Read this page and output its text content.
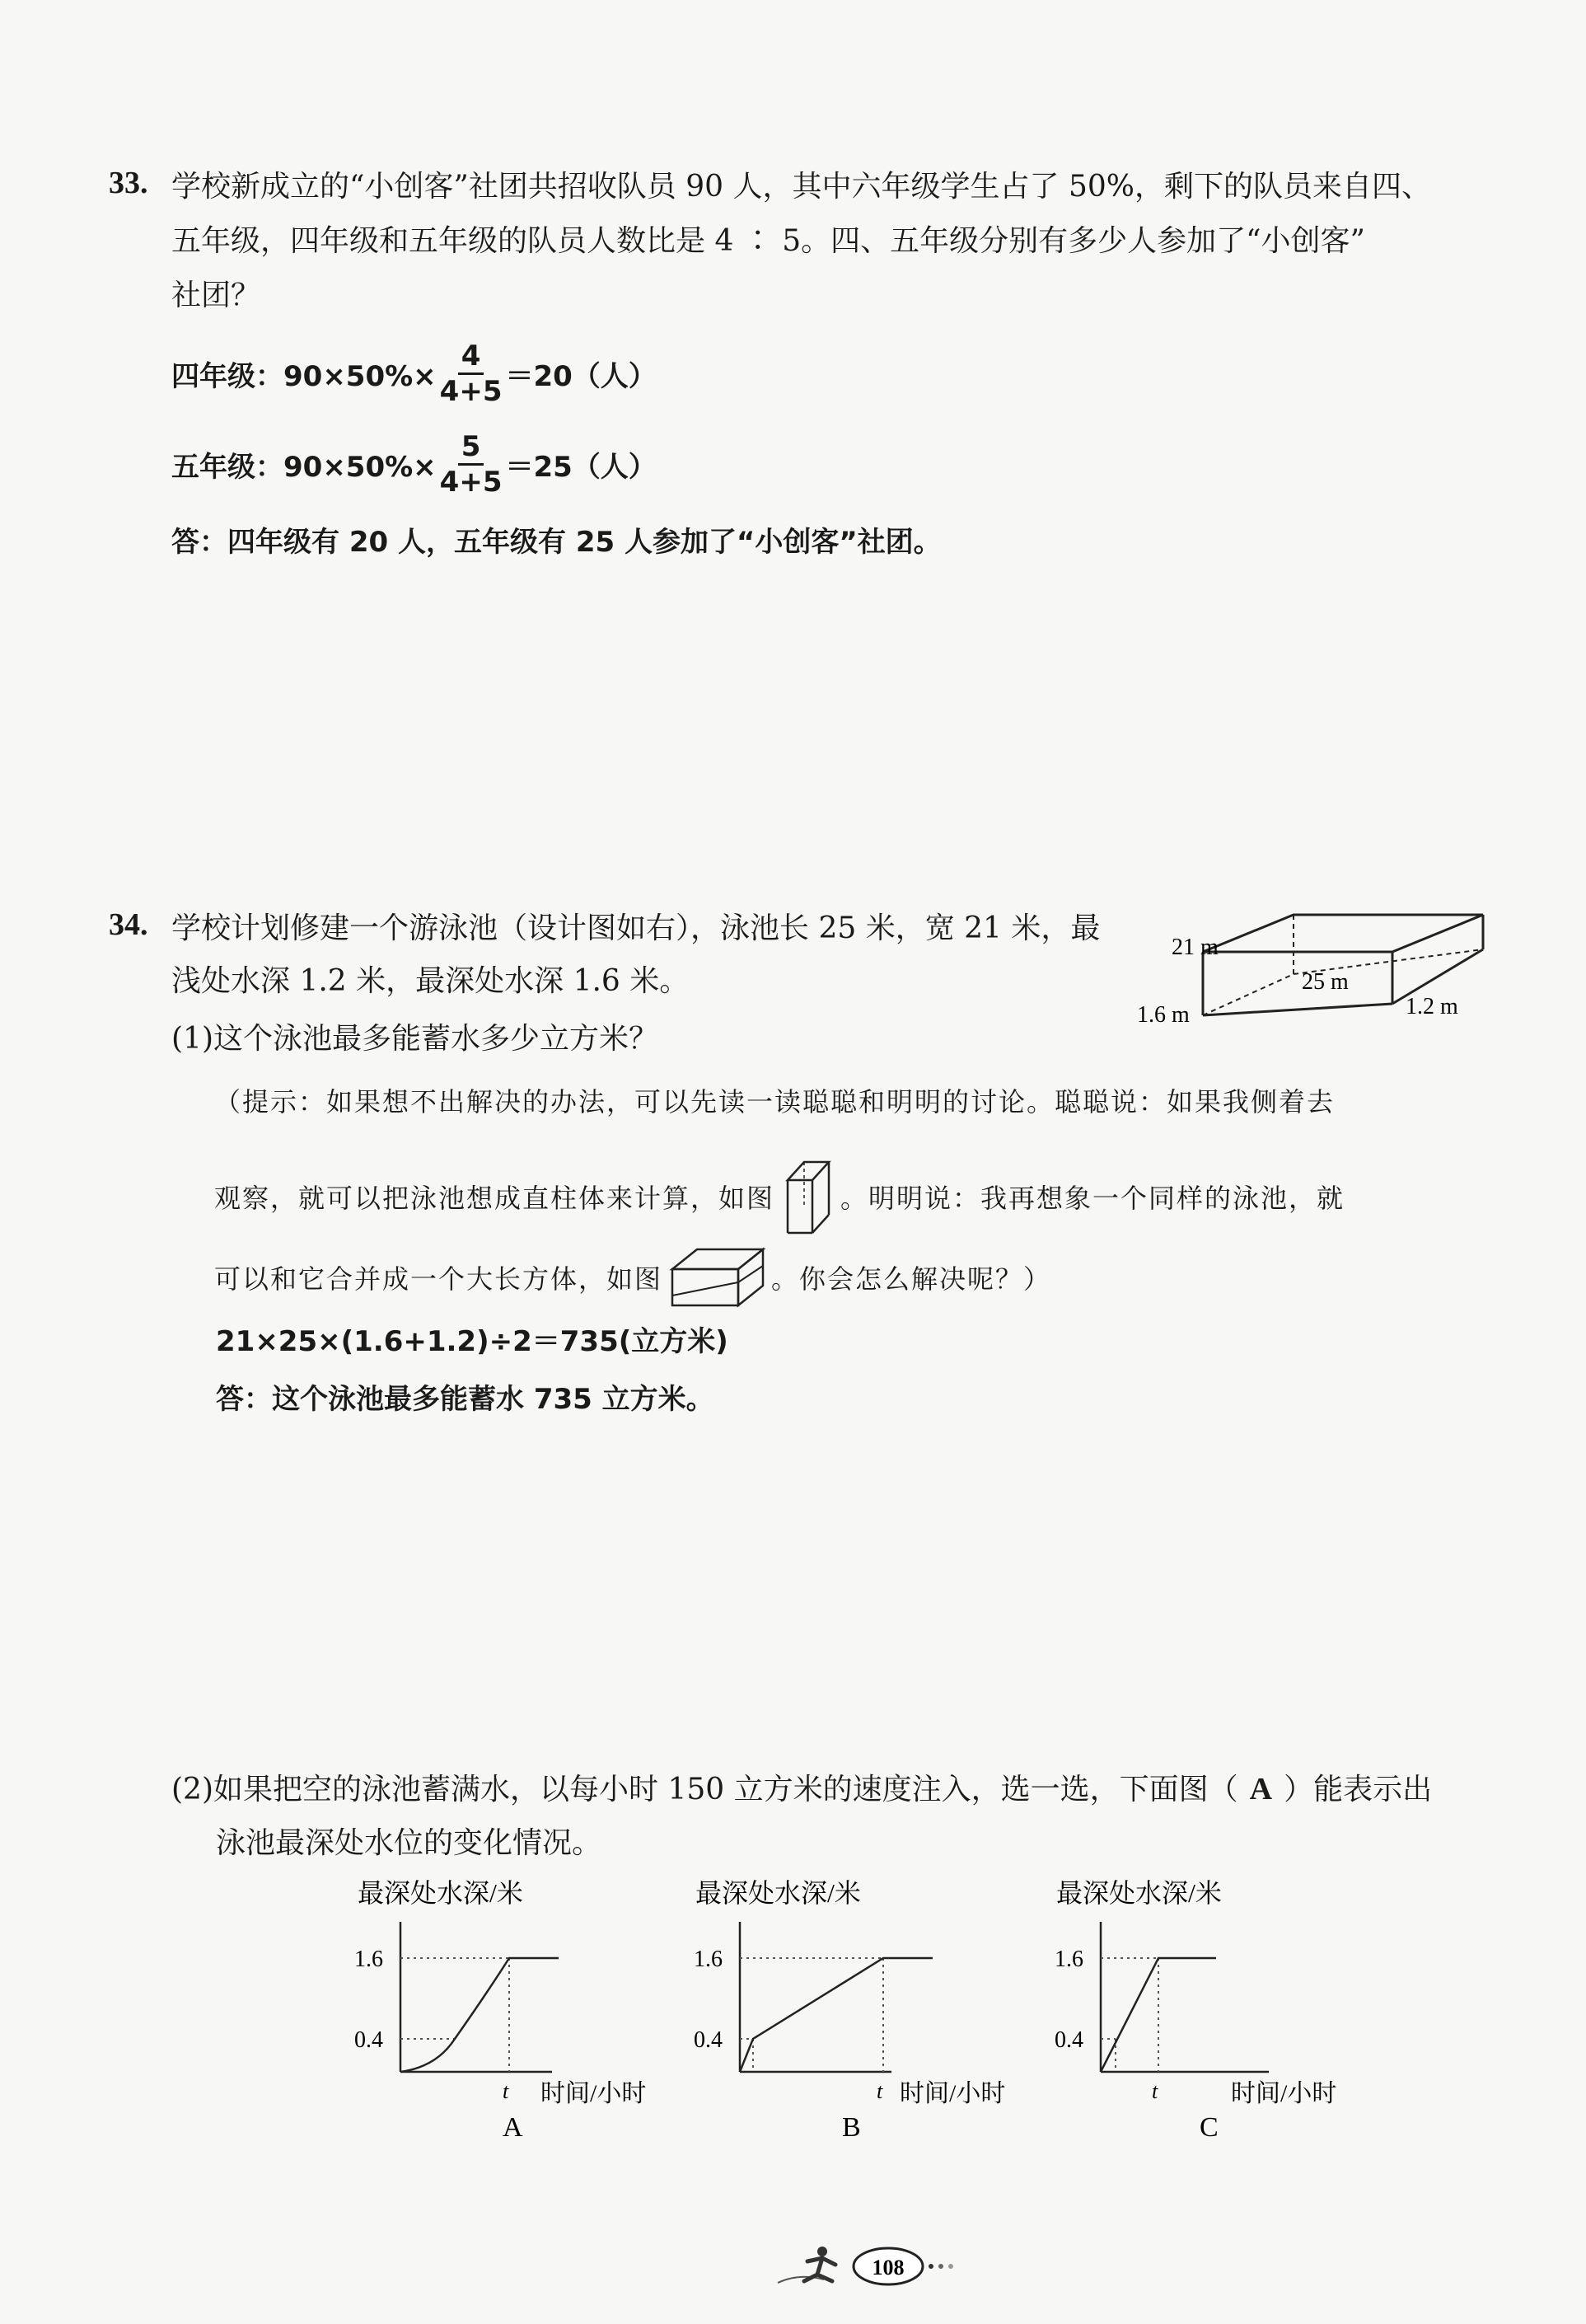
33. 学校新成立的“小创客”社团共招收队员 90 人，其中六年级学生占了 50%，剩下的队员来自四、
五年级，四年级和五年级的队员人数比是 4 ∶ 5。四、五年级分别有多少人参加了“小创客”
社团？
四年级：$90\times 50\%\times \frac{4}{4+5} =20$（人）
五年级：$90\times 50\%\times \frac{5}{4+5} =25$（人）
答：四年级有 20 人，五年级有 25 人参加了“小创客”社团。
34. 学校计划修建一个游泳池（设计图如右），泳池长 25 米，宽 21 米，最
浅处水深 1.2 米，最深处水深 1.6 米。
21 m
25 m
1.6 m	1.2 m
(1)这个泳池最多能蓄水多少立方米？
（提示：如果想不出解决的办法，可以先读一读聪聪和明明的讨论。聪聪说：如果我侧着去
观察，就可以把泳池想成直柱体来计算，如图	。明明说：我再想象一个同样的泳池，就
可以和它合并成一个大长方体，如图	。你会怎么解决呢？）
21×25×(1.6+1.2)÷2＝735(立方米)
答：这个泳池最多能蓄水 735 立方米。
(2)如果把空的泳池蓄满水，以每小时 150 立方米的速度注入，选一选，下面图（ A ）能表示出
泳池最深处水位的变化情况。
最深处水深/米
1.6
0.4
t 时间/小时
A
最深处水深/米
1.6
0.4
t 时间/小时
B
最深处水深/米
1.6
0.4
t	时间/小时
C
108
